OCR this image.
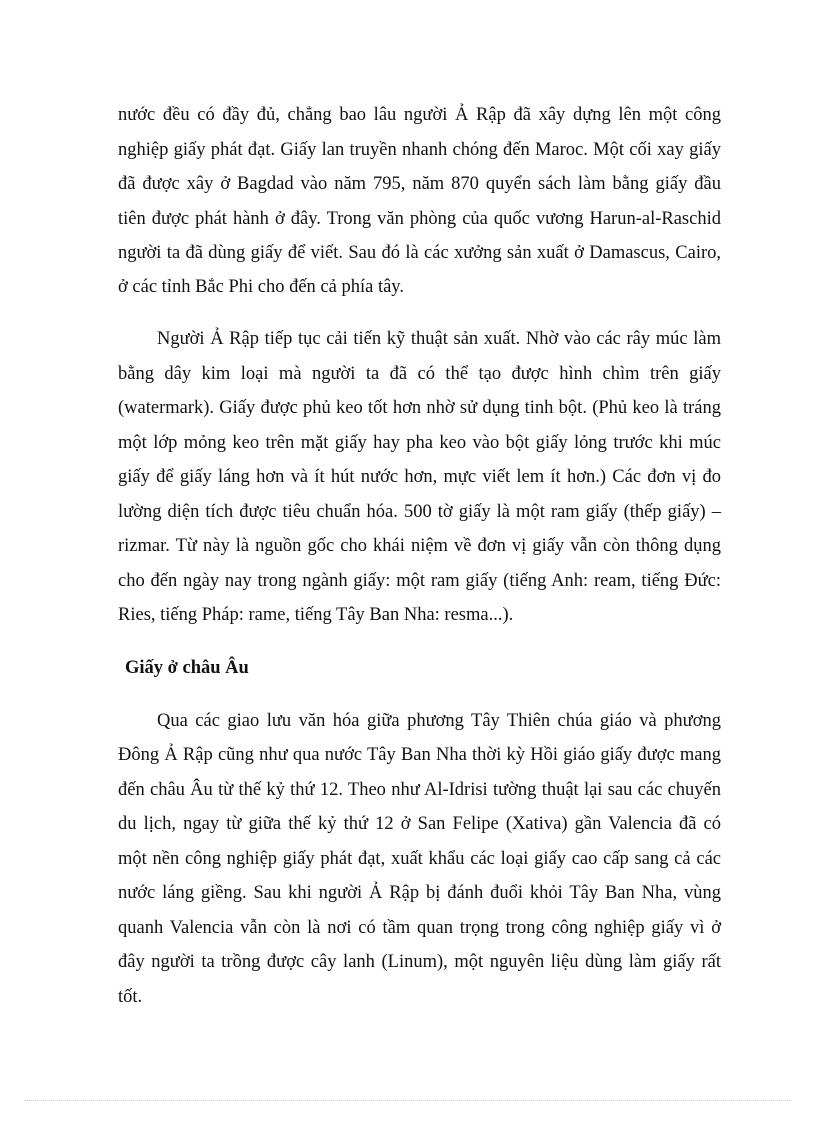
nước đều có đầy đủ, chẳng bao lâu người Ả Rập đã xây dựng lên một công
nghiệp giấy phát đạt. Giấy lan truyền nhanh chóng đến Maroc. Một cối xay giấy
đã được xây ở Bagdad vào năm 795, năm 870 quyển sách làm bằng giấy đầu
tiên được phát hành ở đây. Trong văn phòng của quốc vương Harun-al-Raschid
người ta đã dùng giấy để viết. Sau đó là các xưởng sản xuất ở Damascus, Cairo,
ở các tỉnh Bắc Phi cho đến cả phía tây.
Người Ả Rập tiếp tục cải tiến kỹ thuật sản xuất. Nhờ vào các rây múc làm
bằng dây kim loại mà người ta đã có thể tạo được hình chìm trên giấy
(watermark). Giấy được phủ keo tốt hơn nhờ sử dụng tinh bột. (Phủ keo là tráng
một lớp mỏng keo trên mặt giấy hay pha keo vào bột giấy lỏng trước khi múc
giấy để giấy láng hơn và ít hút nước hơn, mực viết lem ít hơn.) Các đơn vị đo
lường diện tích được tiêu chuẩn hóa. 500 tờ giấy là một ram giấy (thếp giấy) –
rizmar. Từ này là nguồn gốc cho khái niệm về đơn vị giấy vẫn còn thông dụng
cho đến ngày nay trong ngành giấy: một ram giấy (tiếng Anh: ream, tiếng Đức:
Ries, tiếng Pháp: rame, tiếng Tây Ban Nha: resma...).
Giấy ở châu Âu
Qua các giao lưu văn hóa giữa phương Tây Thiên chúa giáo và phương
Đông Ả Rập cũng như qua nước Tây Ban Nha thời kỳ Hồi giáo giấy được mang
đến châu Âu từ thế kỷ thứ 12. Theo như Al-Idrisi tường thuật lại sau các chuyến
du lịch, ngay từ giữa thế kỷ thứ 12 ở San Felipe (Xativa) gần Valencia đã có
một nền công nghiệp giấy phát đạt, xuất khẩu các loại giấy cao cấp sang cả các
nước láng giềng. Sau khi người Ả Rập bị đánh đuổi khỏi Tây Ban Nha, vùng
quanh Valencia vẫn còn là nơi có tầm quan trọng trong công nghiệp giấy vì ở
đây người ta trồng được cây lanh (Linum), một nguyên liệu dùng làm giấy rất
tốt.
